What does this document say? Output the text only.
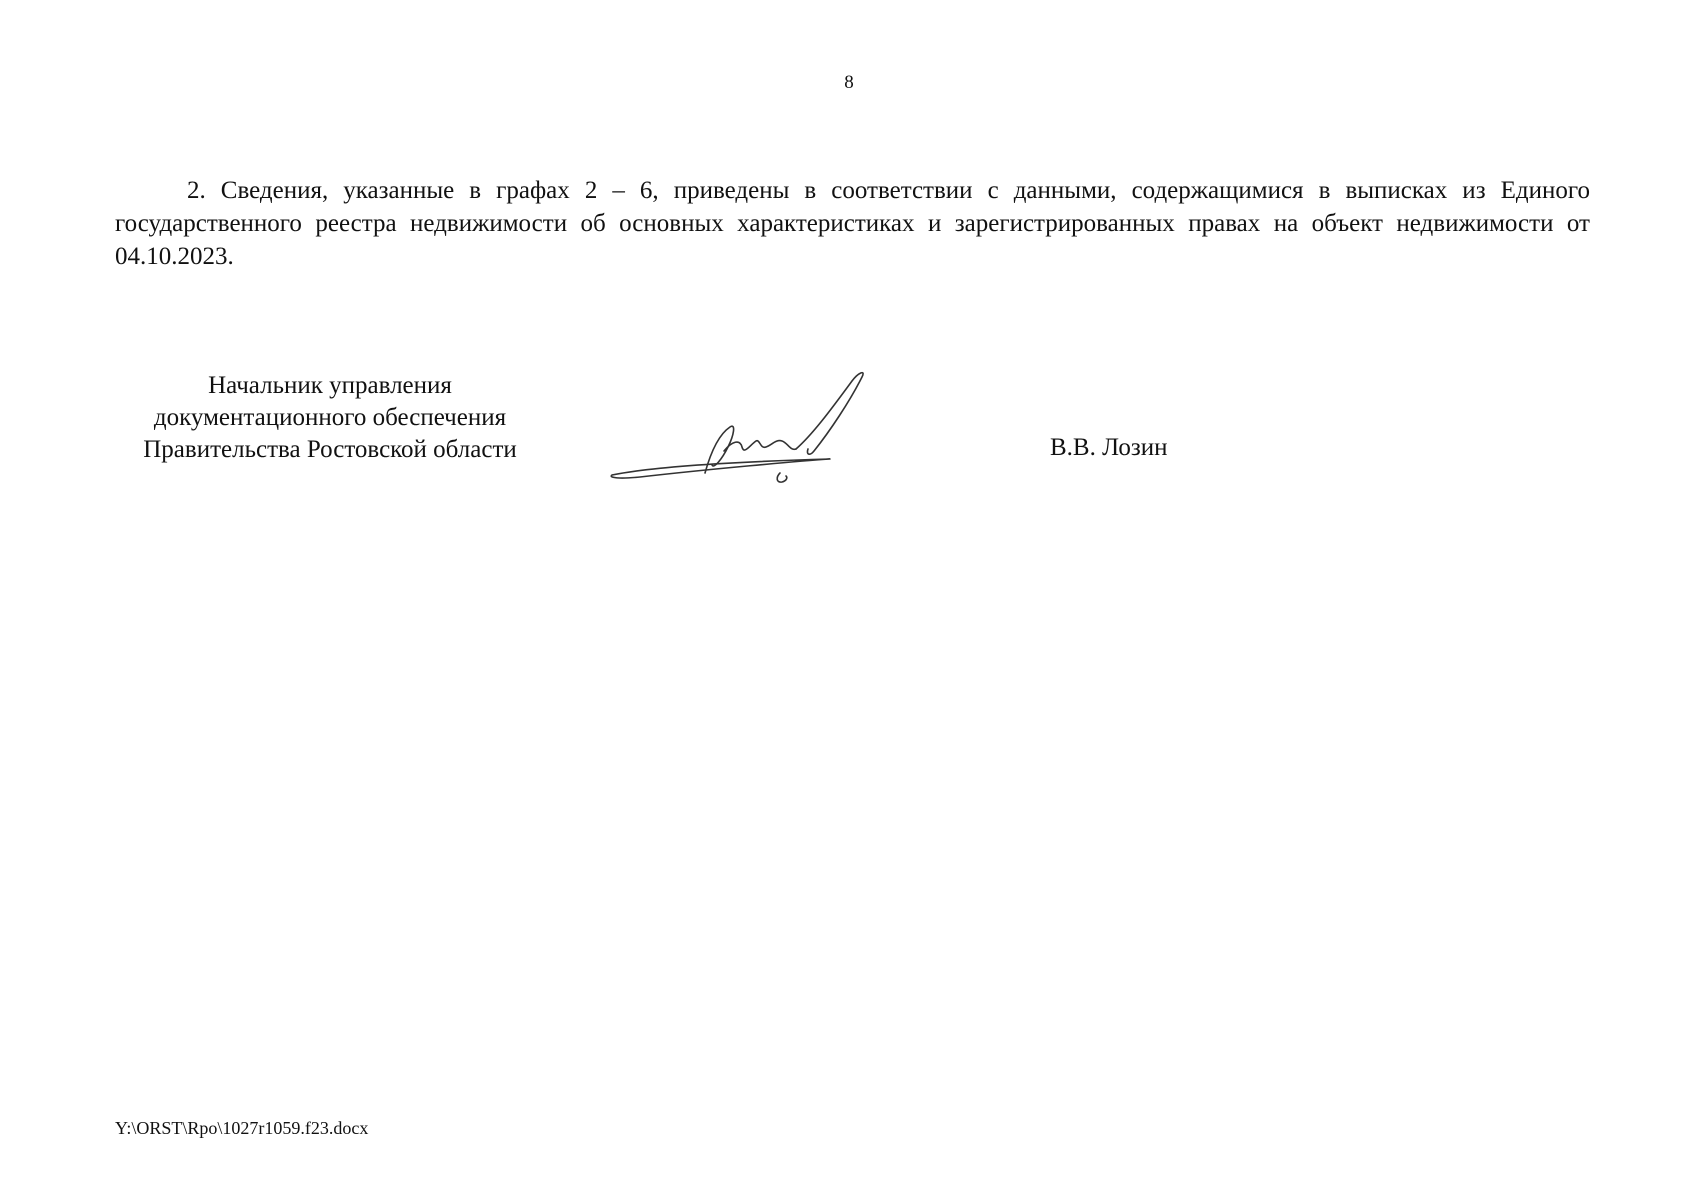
8

2. Сведения, указанные в графах 2 – 6, приведены в соответствии с данными, содержащимися в выписках из Единого государственного реестра недвижимости об основных характеристиках и зарегистрированных правах на объект недвижимости от 04.10.2023.

Начальник управления
документационного обеспечения
Правительства Ростовской области	В.В. Лозин
Y:\ORST\Rpo\1027r1059.f23.docx
